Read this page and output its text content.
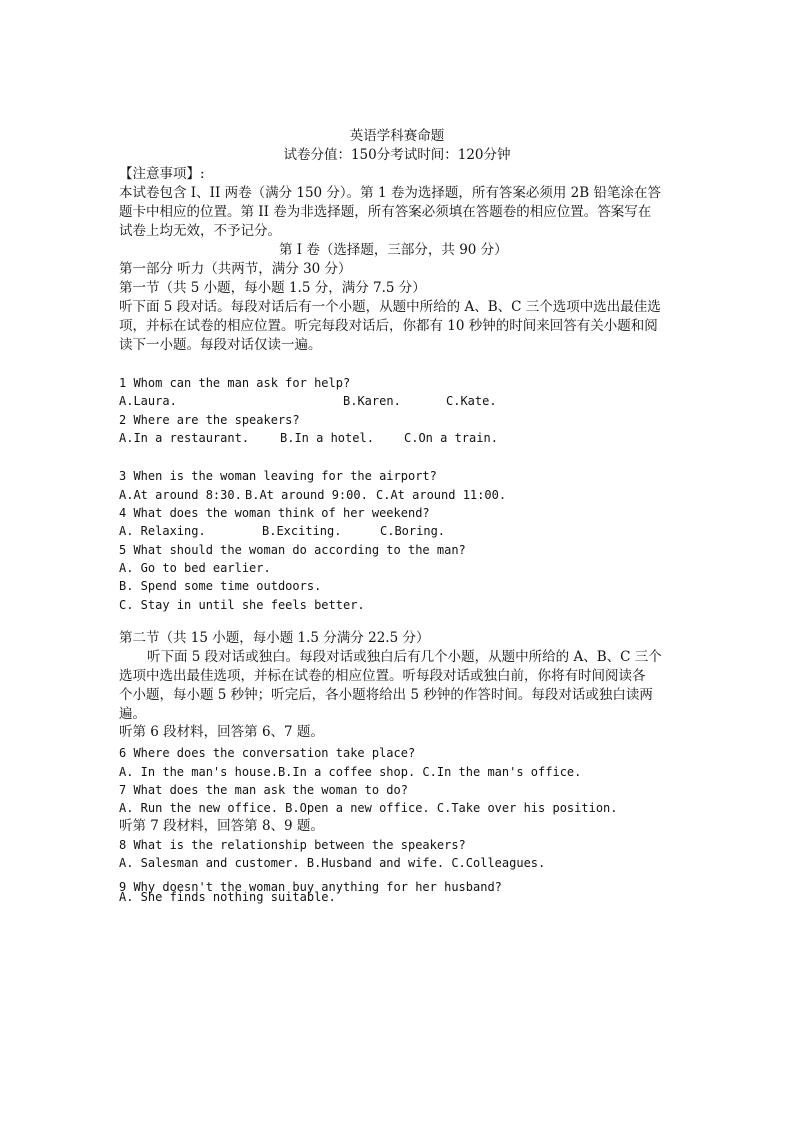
英语学科赛命题
试卷分值：150分考试时间：120分钟
【注意事项】:
本试卷包含 I、II 两卷（满分 150 分）。第 1 卷为选择题，所有答案必须用 2B 铅笔涂在答
题卡中相应的位置。第 II 卷为非选择题，所有答案必须填在答题卷的相应位置。答案写在
试卷上均无效，不予记分。
第 I 卷（选择题，三部分，共 90 分）
第一部分 听力（共两节，满分 30 分）
第一节（共 5 小题，每小题 1.5 分，满分 7.5 分）
听下面 5 段对话。每段对话后有一个小题，从题中所给的 A、B、C 三个选项中选出最佳选
项，并标在试卷的相应位置。听完每段对话后，你都有 10 秒钟的时间来回答有关小题和阅
读下一小题。每段对话仅读一遍。
1 Whom can the man ask for help?
A.Laura.	B.Karen.	C.Kate.
2 Where are the speakers?
A.In a restaurant.	B.In a hotel.	C.On a train.
3 When is the woman leaving for the airport?
A.At around 8:30. B.At around 9:00. C.At around 11:00.
4 What does the woman think of her weekend?
A. Relaxing.	B.Exciting.	C.Boring.
5 What should the woman do according to the man?
A. Go to bed earlier.
B. Spend some time outdoors.
C. Stay in until she feels better.
第二节（共 15 小题，每小题 1.5 分满分 22.5 分）
听下面 5 段对话或独白。每段对话或独白后有几个小题，从题中所给的 A、B、C 三个
选项中选出最佳选项，并标在试卷的相应位置。听每段对话或独白前，你将有时间阅读各
个小题，每小题 5 秒钟；听完后，各小题将给出 5 秒钟的作答时间。每段对话或独白读两
遍。
听第 6 段材料，回答第 6、7 题。
6 Where does the conversation take place?
A. In the man's house.B.In a coffee shop. C.In the man's office.
7 What does the man ask the woman to do?
A. Run the new office. B.Open a new office. C.Take over his position.
听第 7 段材料，回答第 8、9 题。
8 What is the relationship between the speakers?
A. Salesman and customer. B.Husband and wife. C.Colleagues.
9 Why doesn't the woman buy anything for her husband?
A. She finds nothing suitable.
